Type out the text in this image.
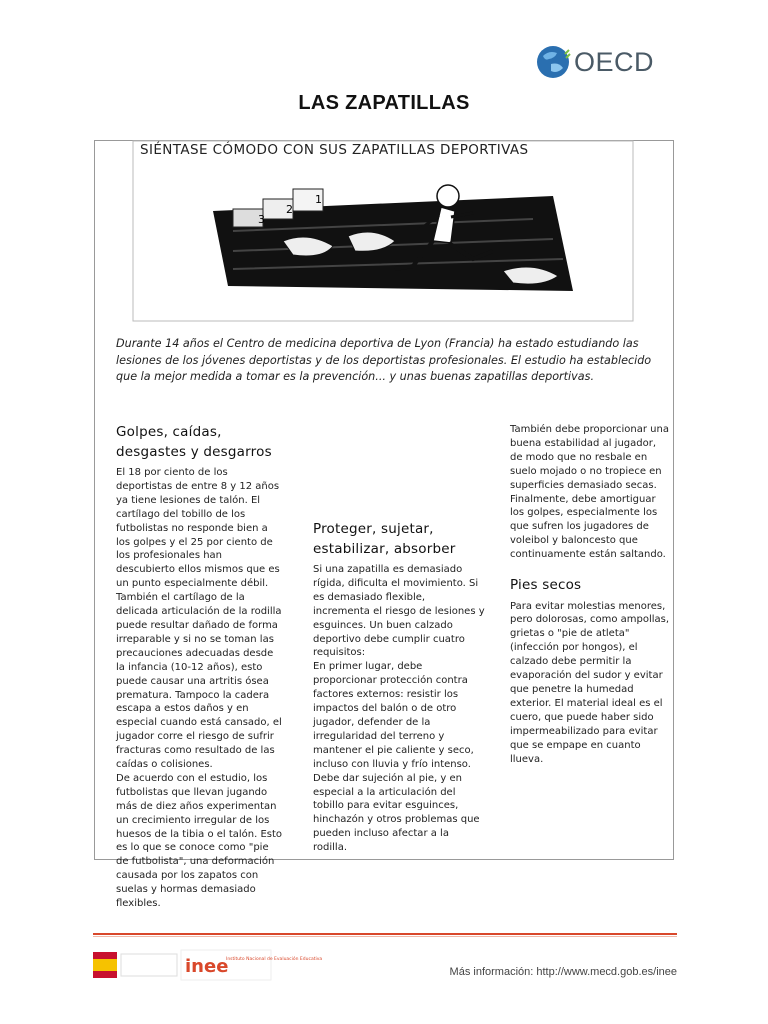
OECD
LAS ZAPATILLAS
3
2
1
SIÉNTASE CÓMODO CON SUS ZAPATILLAS DEPORTIVAS
Durante 14 años el Centro de medicina deportiva de Lyon (Francia) ha estado estudiando las lesiones de los jóvenes deportistas y de los deportistas profesionales. El estudio ha establecido que la mejor medida a tomar es la prevención... y unas buenas zapatillas deportivas.
Golpes, caídas, desgastes y desgarros

El 18 por ciento de los deportistas de entre 8 y 12 años ya tiene lesiones de talón. El cartílago del tobillo de los futbolistas no responde bien a los golpes y el 25 por ciento de los profesionales han descubierto ellos mismos que es un punto especialmente débil. También el cartílago de la delicada articulación de la rodilla puede resultar dañado de forma irreparable y si no se toman las precauciones adecuadas desde la infancia (10-12 años), esto puede causar una artritis ósea prematura. Tampoco la cadera escapa a estos daños y en especial cuando está cansado, el jugador corre el riesgo de sufrir fracturas como resultado de las caídas o colisiones.

De acuerdo con el estudio, los futbolistas que llevan jugando más de diez años experimentan un crecimiento irregular de los huesos de la tibia o el talón. Esto es lo que se conoce como "pie de futbolista", una deformación causada por los zapatos con suelas y hormas demasiado flexibles.

Proteger, sujetar, estabilizar, absorber

Si una zapatilla es demasiado rígida, dificulta el movimiento. Si es demasiado flexible, incrementa el riesgo de lesiones y esguinces. Un buen calzado deportivo debe cumplir cuatro requisitos:

En primer lugar, debe proporcionar protección contra factores externos: resistir los impactos del balón o de otro jugador, defender de la irregularidad del terreno y mantener el pie caliente y seco, incluso con lluvia y frío intenso.

Debe dar sujeción al pie, y en especial a la articulación del tobillo para evitar esguinces, hinchazón y otros problemas que pueden incluso afectar a la rodilla.

También debe proporcionar una buena estabilidad al jugador, de modo que no resbale en suelo mojado o no tropiece en superficies demasiado secas.

Finalmente, debe amortiguar los golpes, especialmente los que sufren los jugadores de voleibol y baloncesto que continuamente están saltando.

Pies secos

Para evitar molestias menores, pero dolorosas, como ampollas, grietas o "pie de atleta" (infección por hongos), el calzado debe permitir la evaporación del sudor y evitar que penetre la humedad exterior. El material ideal es el cuero, que puede haber sido impermeabilizado para evitar que se empape en cuanto llueva.

inee
Instituto Nacional de Evaluación Educativa
Más información: http://www.mecd.gob.es/inee
